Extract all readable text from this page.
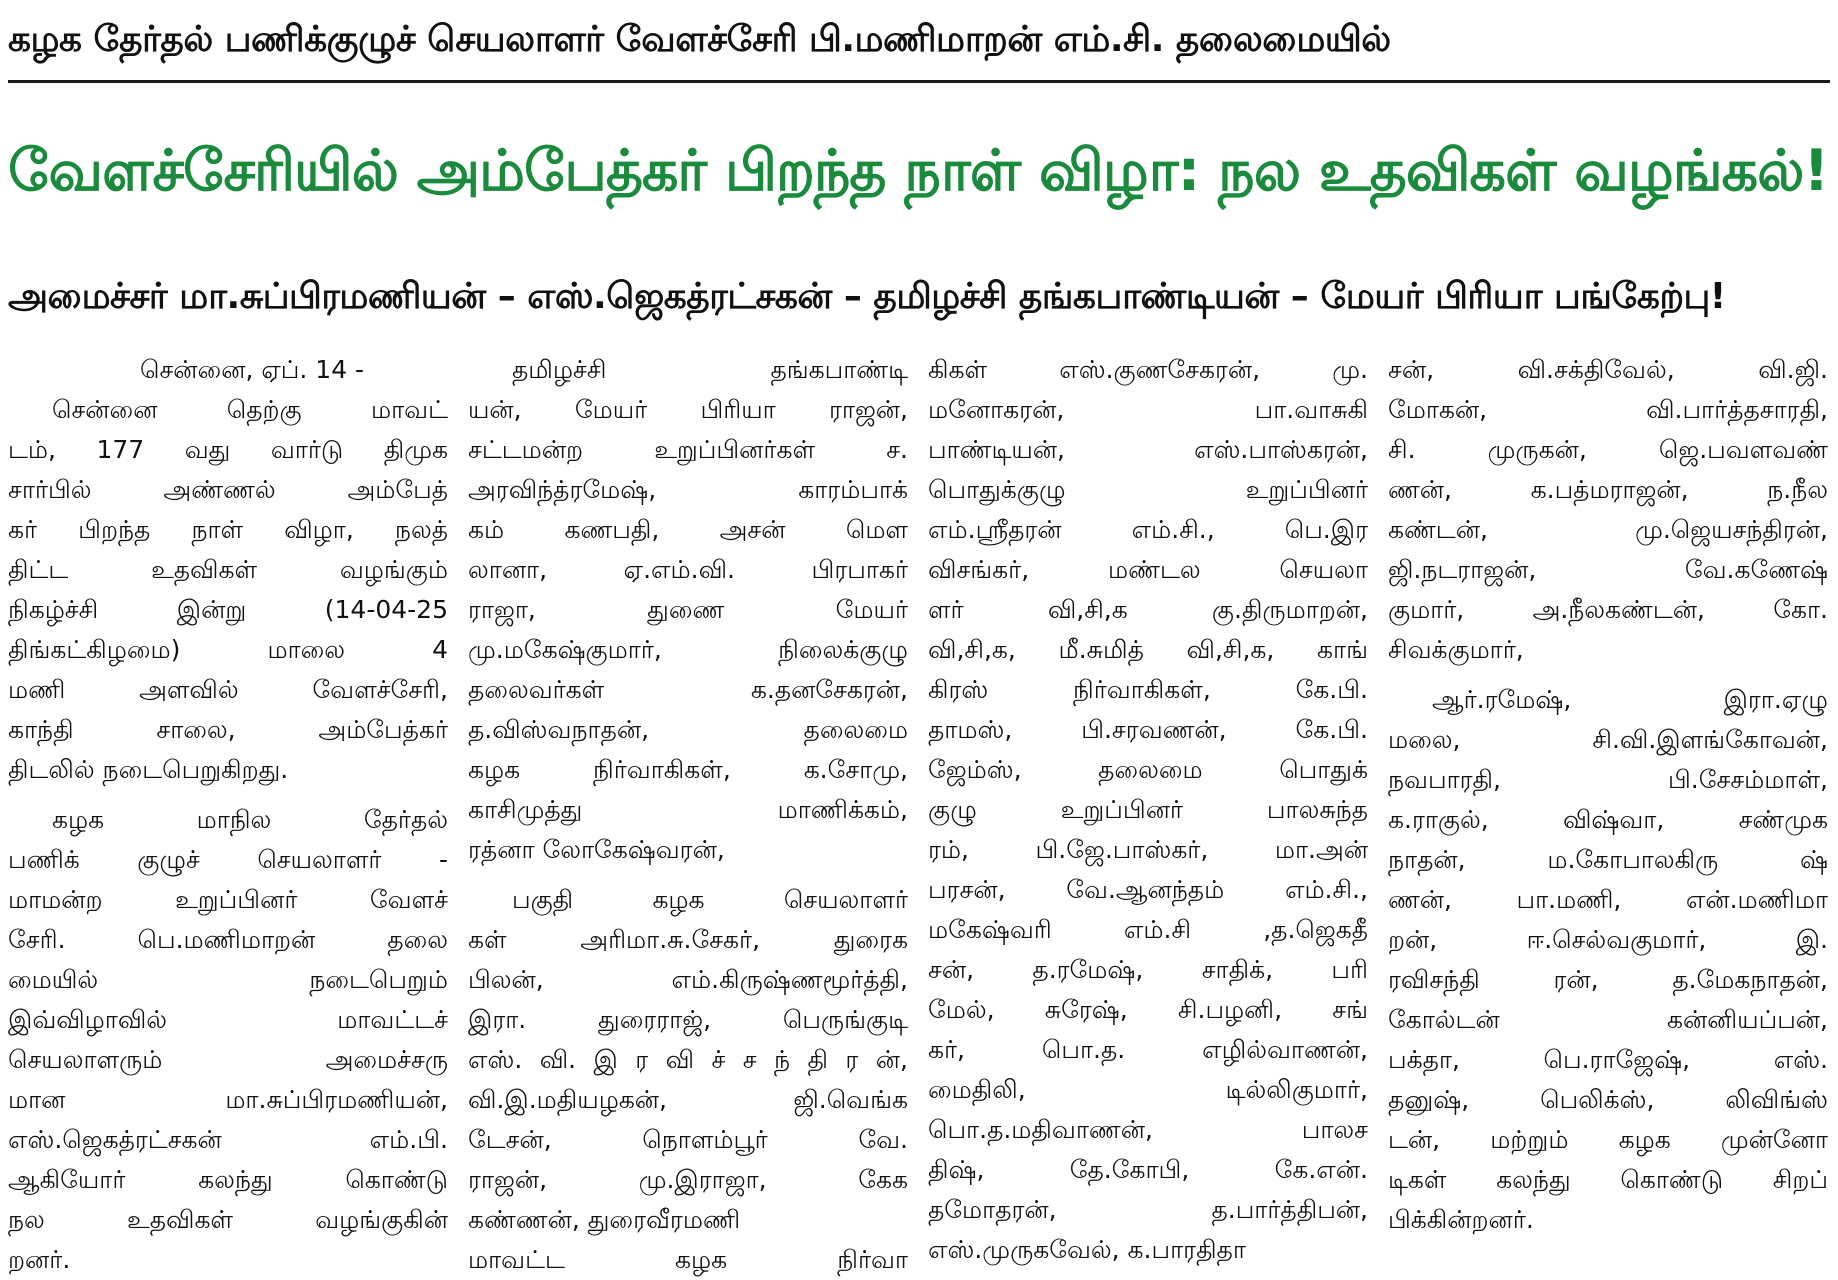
கழக தேர்தல் பணிக்குழுச் செயலாளர் வேளச்சேரி பி.மணிமாறன் எம்.சி. தலைமையில்
வேளச்சேரியில் அம்பேத்கர் பிறந்த நாள் விழா: நல உதவிகள் வழங்கல்!
அமைச்சர் மா.சுப்பிரமணியன் – எஸ்.ஜெகத்ரட்சகன் – தமிழச்சி தங்கபாண்டியன் – மேயர் பிரியா பங்கேற்பு!
சென்னை, ஏப். 14 -
சென்னை	தெற்கு	மாவட்
டம், 177 வது வார்டு திமுக
சார்பில்	அண்ணல்	அம்பேத்
கர் பிறந்த நாள் விழா, நலத்
திட்ட	உதவிகள்	வழங்கும்
நிகழ்ச்சி	இன்று	(14-04-25
திங்கட்கிழமை)	மாலை	4
மணி	அளவில்	வேளச்சேரி,
காந்தி	சாலை,	அம்பேத்கர்
திடலில் நடைபெறுகிறது.
கழக	மாநில	தேர்தல்
பணிக் குழுச் செயலாளர் -
மாமன்ற	உறுப்பினர்	வேளச்
சேரி.	பெ.மணிமாறன்	தலை
மையில்	நடைபெறும்
இவ்விழாவில்	மாவட்டச்
செயலாளரும்	அமைச்சரு
மான	மா.சுப்பிரமணியன்,
எஸ்.ஜெகத்ரட்சகன்	எம்.பி.
ஆகியோர்	கலந்து	கொண்டு
நல	உதவிகள்	வழங்குகின்
றனர்.
தமிழச்சி	தங்கபாண்டி
யன், மேயர் பிரியா ராஜன்,
சட்டமன்ற	உறுப்பினர்கள்	ச.
அரவிந்த்ரமேஷ்,	காரம்பாக்
கம் கணபதி, அசன் மௌ
லானா,	ஏ.எம்.வி.	பிரபாகர்
ராஜா,	துணை	மேயர்
மு.மகேஷ்குமார்,	நிலைக்குழு
தலைவர்கள்	க.தனசேகரன்,
த.விஸ்வநாதன்,	தலைமை
கழக	நிர்வாகிகள்,	க.சோமு,
காசிமுத்து	மாணிக்கம்,
ரத்னா லோகேஷ்வரன்,
பகுதி	கழக	செயலாளர்
கள்	அரிமா.சு.சேகர்,	துரைக
பிலன்,	எம்.கிருஷ்ணமூர்த்தி,
இரா.	துரைராஜ்,	பெருங்குடி
எஸ். வி. இ ர வி ச் ச ந் தி ர ன்,
வி.இ.மதியழகன்,	ஜி.வெங்க
டேசன்,	நொளம்பூர்	வே.
ராஜன்,	மு.இராஜா,	கேக
கண்ணன், துரைவீரமணி
மாவட்ட	கழக	நிர்வா
கிகள்	எஸ்.குணசேகரன்,	மு.
மனோகரன்,	பா.வாசுகி
பாண்டியன்,	எஸ்.பாஸ்கரன்,
பொதுக்குழு	உறுப்பினர்
எம்.ஸ்ரீதரன்	எம்.சி.,	பெ.இர
விசங்கர்,	மண்டல	செயலா
ளர்	வி,சி,க	கு.திருமாறன்,
வி,சி,க, மீ.சுமித் வி,சி,க, காங்
கிரஸ்	நிர்வாகிகள்,	கே.பி.
தாமஸ்,	பி.சரவணன்,	கே.பி.
ஜேம்ஸ்,	தலைமை	பொதுக்
குழு	உறுப்பினர்	பாலசுந்த
ரம்,	பி.ஜே.பாஸ்கர்,	மா.அன்
பரசன், வே.ஆனந்தம் எம்.சி.,
மகேஷ்வரி	எம்.சி	,த.ஜெகதீ
சன், த.ரமேஷ், சாதிக், பரி
மேல், சுரேஷ், சி.பழனி, சங்
கர்,	பொ.த.	எழில்வாணன்,
மைதிலி,	டில்லிகுமார்,
பொ.த.மதிவாணன்,	பாலச
திஷ்,	தே.கோபி,	கே.என்.
தமோதரன்,	த.பார்த்திபன்,
எஸ்.முருகவேல், க.பாரதிதா
சன்,	வி.சக்திவேல்,	வி.ஜி.
மோகன்,	வி.பார்த்தசாரதி,
சி.	முருகன்,	ஜெ.பவளவண்
ணன்,	க.பத்மராஜன்,	ந.நீல
கண்டன்,	மு.ஜெயசந்திரன்,
ஜி.நடராஜன்,	வே.கணேஷ்
குமார்,	அ.நீலகண்டன்,	கோ.
சிவக்குமார்,
ஆர்.ரமேஷ்,	இரா.ஏழு
மலை,	சி.வி.இளங்கோவன்,
நவபாரதி,	பி.சேசம்மாள்,
க.ராகுல்,	விஷ்வா,	சண்முக
நாதன்,	ம.கோபாலகிரு	ஷ்
ணன்,	பா.மணி,	என்.மணிமா
றன்,	ஈ.செல்வகுமார்,	இ.
ரவிசந்தி	ரன்,	த.மேகநாதன்,
கோல்டன்	கன்னியப்பன்,
பக்தா,	பெ.ராஜேஷ்,	எஸ்.
தனுஷ்,	பெலிக்ஸ்,	லிவிங்ஸ்
டன், மற்றும் கழக முன்னோ
டிகள் கலந்து கொண்டு சிறப்
பிக்கின்றனர்.
